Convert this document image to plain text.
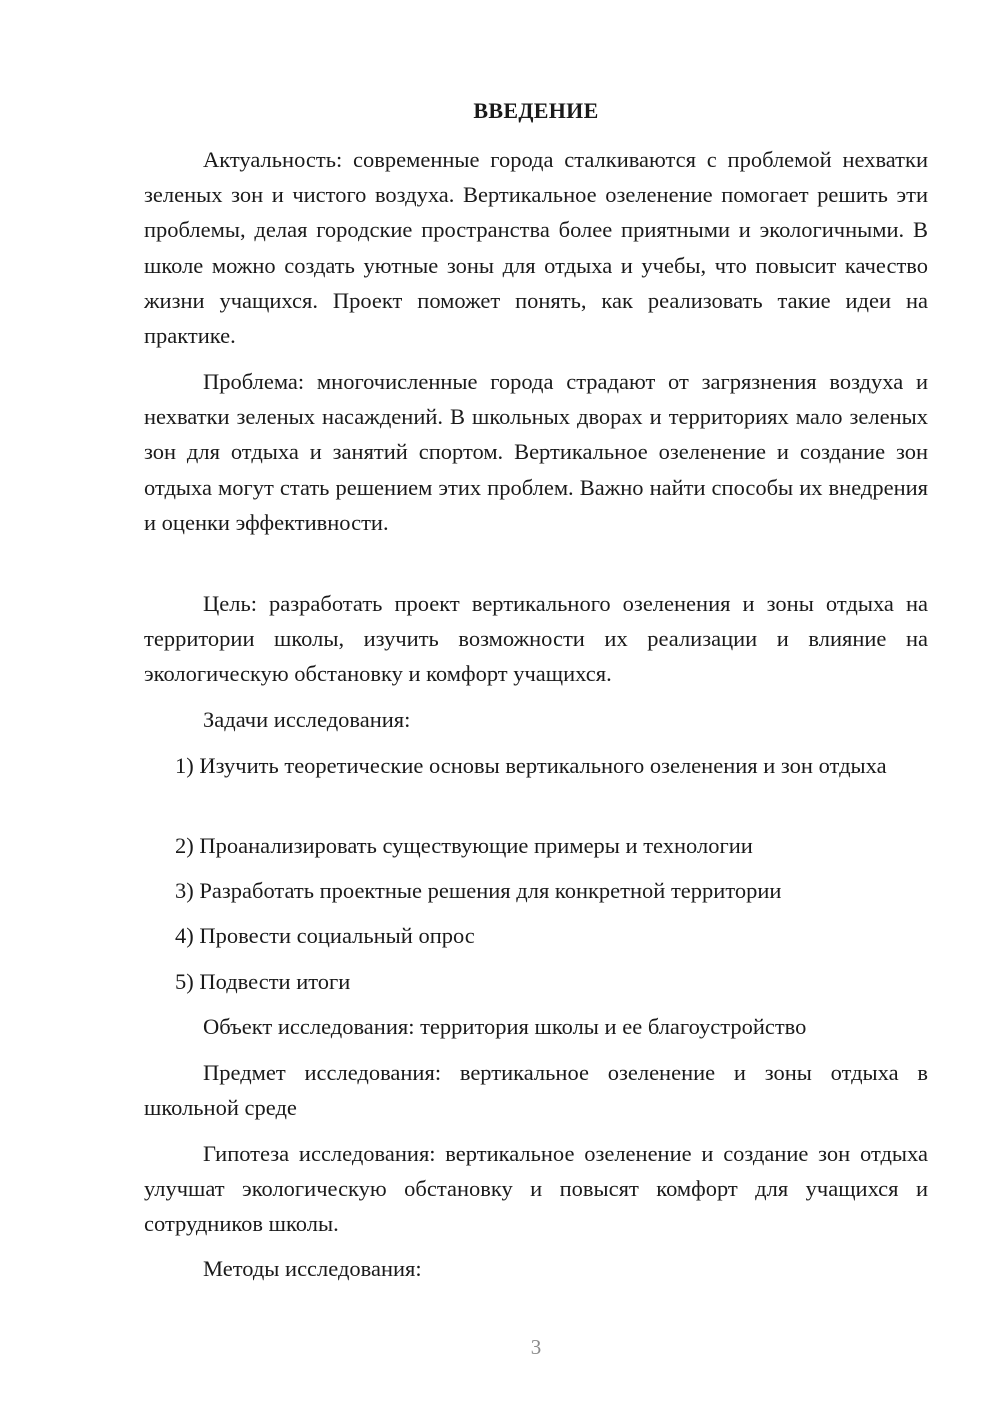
ВВЕДЕНИЕ

Актуальность: современные города сталкиваются с проблемой нехватки зеленых зон и чистого воздуха. Вертикальное озеленение помогает решить эти проблемы, делая городские пространства более приятными и экологичными. В школе можно создать уютные зоны для отдыха и учебы, что повысит качество жизни учащихся. Проект поможет понять, как реализовать такие идеи на практике.

Проблема: многочисленные города страдают от загрязнения воздуха и нехватки зеленых насаждений. В школьных дворах и территориях мало зеленых зон для отдыха и занятий спортом. Вертикальное озеленение и создание зон отдыха могут стать решением этих проблем. Важно найти способы их внедрения и оценки эффективности.

Цель: разработать проект вертикального озеленения и зоны отдыха на территории школы, изучить возможности их реализации и влияние на экологическую обстановку и комфорт учащихся.

Задачи исследования:

1) Изучить теоретические основы вертикального озеленения и зон отдыха

2) Проанализировать существующие примеры и технологии

3) Разработать проектные решения для конкретной территории

4) Провести социальный опрос

5) Подвести итоги

Объект исследования: территория школы и ее благоустройство

Предмет исследования: вертикальное озеленение и зоны отдыха в школьной среде

Гипотеза исследования: вертикальное озеленение и создание зон отдыха улучшат экологическую обстановку и повысят комфорт для учащихся и сотрудников школы.

Методы исследования:

3
